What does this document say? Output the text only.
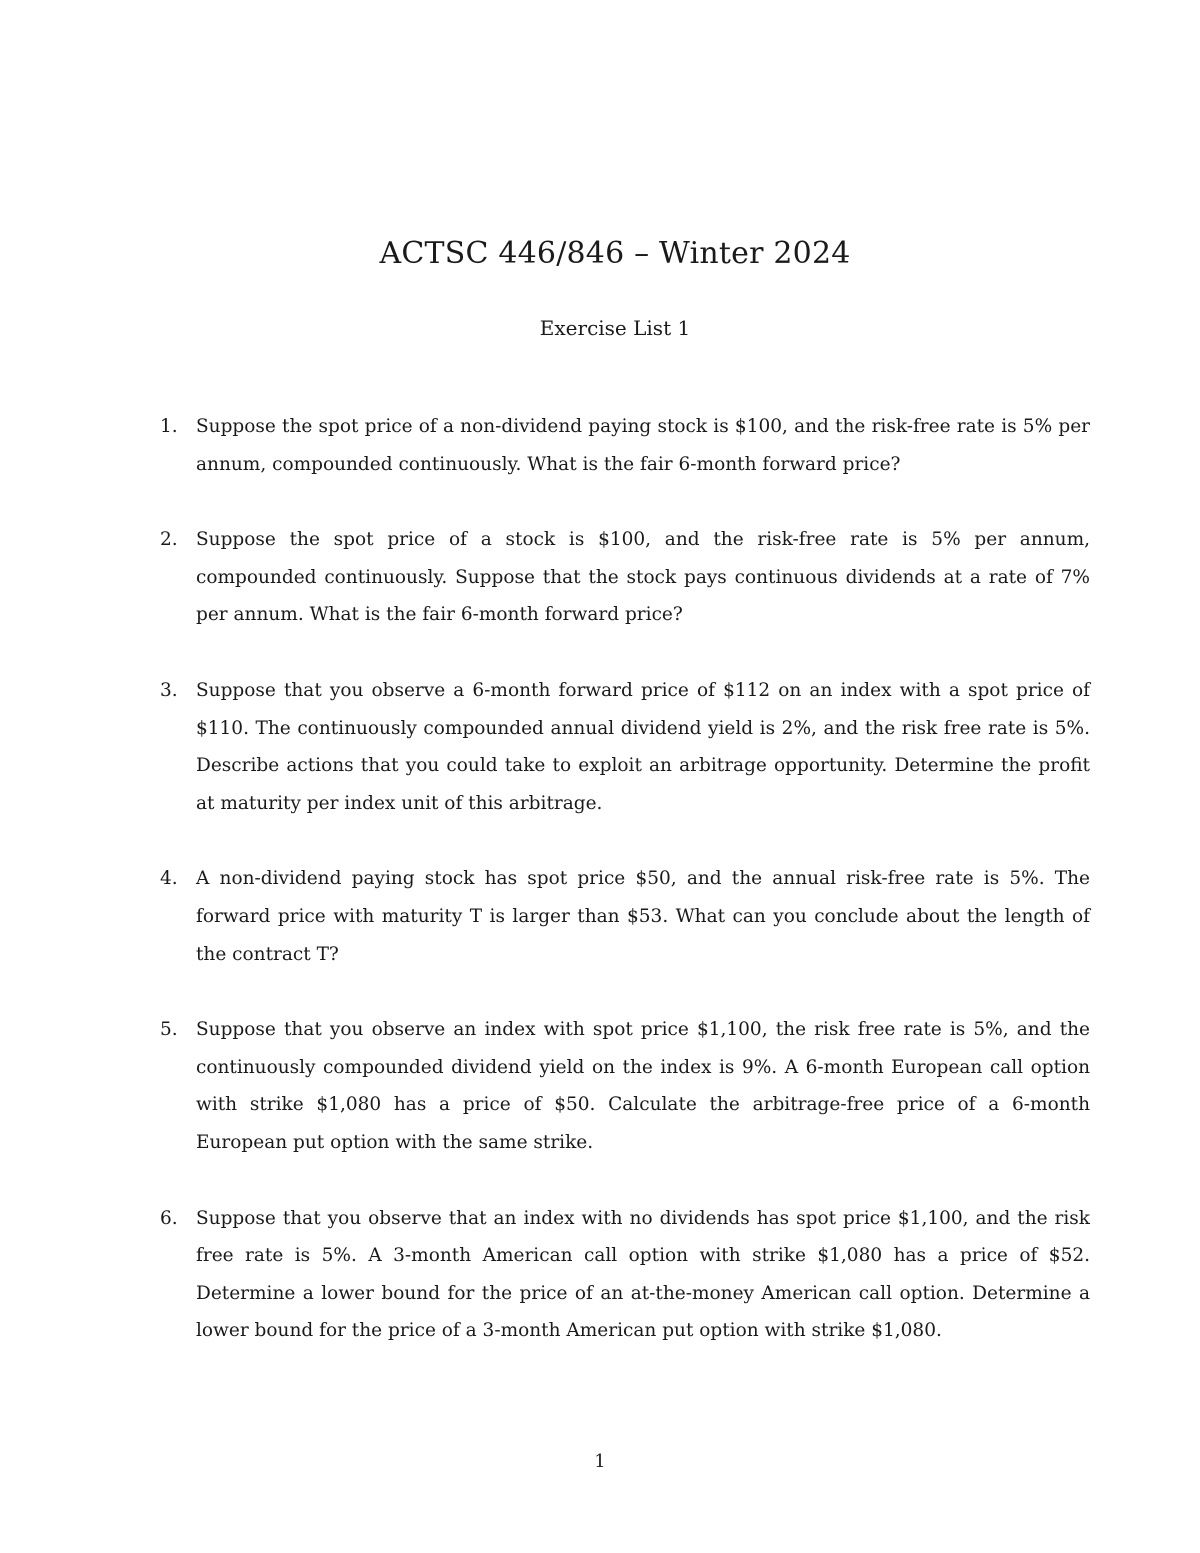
ACTSC 446/846 – Winter 2024
Exercise List 1
1. Suppose the spot price of a non-dividend paying stock is $100, and the risk-free rate is 5% per annum, compounded continuously. What is the fair 6-month forward price?

2. Suppose the spot price of a stock is $100, and the risk-free rate is 5% per annum, compounded continuously. Suppose that the stock pays continuous dividends at a rate of 7% per annum. What is the fair 6-month forward price?

3. Suppose that you observe a 6-month forward price of $112 on an index with a spot price of $110. The continuously compounded annual dividend yield is 2%, and the risk free rate is 5%. Describe actions that you could take to exploit an arbitrage opportunity. Determine the profit at maturity per index unit of this arbitrage.

4. A non-dividend paying stock has spot price $50, and the annual risk-free rate is 5%. The forward price with maturity T is larger than $53. What can you conclude about the length of the contract T?

5. Suppose that you observe an index with spot price $1,100, the risk free rate is 5%, and the continuously compounded dividend yield on the index is 9%. A 6-month European call option with strike $1,080 has a price of $50. Calculate the arbitrage-free price of a 6-month European put option with the same strike.

6. Suppose that you observe that an index with no dividends has spot price $1,100, and the risk free rate is 5%. A 3-month American call option with strike $1,080 has a price of $52. Determine a lower bound for the price of an at-the-money American call option. Determine a lower bound for the price of a 3-month American put option with strike $1,080.

1
